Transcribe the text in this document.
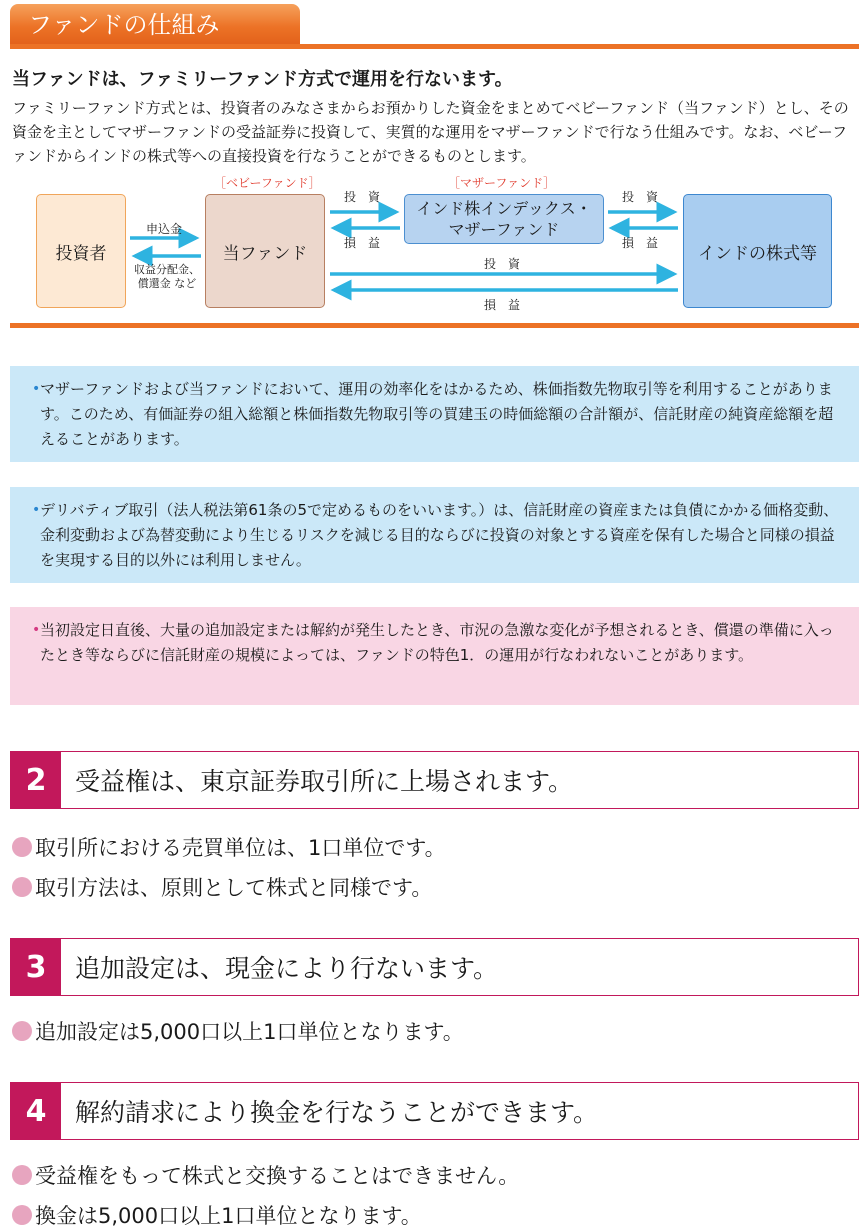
ファンドの仕組み
当ファンドは、ファミリーファンド方式で運用を行ないます。
ファミリーファンド方式とは、投資者のみなさまからお預かりした資金をまとめてベビーファンド（当ファンド）とし、その資金を主としてマザーファンドの受益証券に投資して、実質的な運用をマザーファンドで行なう仕組みです。なお、ベビーファンドからインドの株式等への直接投資を行なうことができるものとします。
投資者
［ベビーファンド］
当ファンド
［マザーファンド］
インド株インデックス・
マザーファンド
インドの株式等
申込金
収益分配金、
償還金 など
投　資
損　益
投　資
損　益
投　資
損　益
• マザーファンドおよび当ファンドにおいて、運用の効率化をはかるため、株価指数先物取引等を利用することがあります。このため、有価証券の組入総額と株価指数先物取引等の買建玉の時価総額の合計額が、信託財産の純資産総額を超えることがあります。
• デリバティブ取引（法人税法第61条の5で定めるものをいいます。）は、信託財産の資産または負債にかかる価格変動、金利変動および為替変動により生じるリスクを減じる目的ならびに投資の対象とする資産を保有した場合と同様の損益を実現する目的以外には利用しません。
• 当初設定日直後、大量の追加設定または解約が発生したとき、市況の急激な変化が予想されるとき、償還の準備に入ったとき等ならびに信託財産の規模によっては、ファンドの特色1．の運用が行なわれないことがあります。
2	受益権は、東京証券取引所に上場されます。
取引所における売買単位は、1口単位です。
取引方法は、原則として株式と同様です。
3	追加設定は、現金により行ないます。
追加設定は5,000口以上1口単位となります。
4	解約請求により換金を行なうことができます。
受益権をもって株式と交換することはできません。
換金は5,000口以上1口単位となります。
